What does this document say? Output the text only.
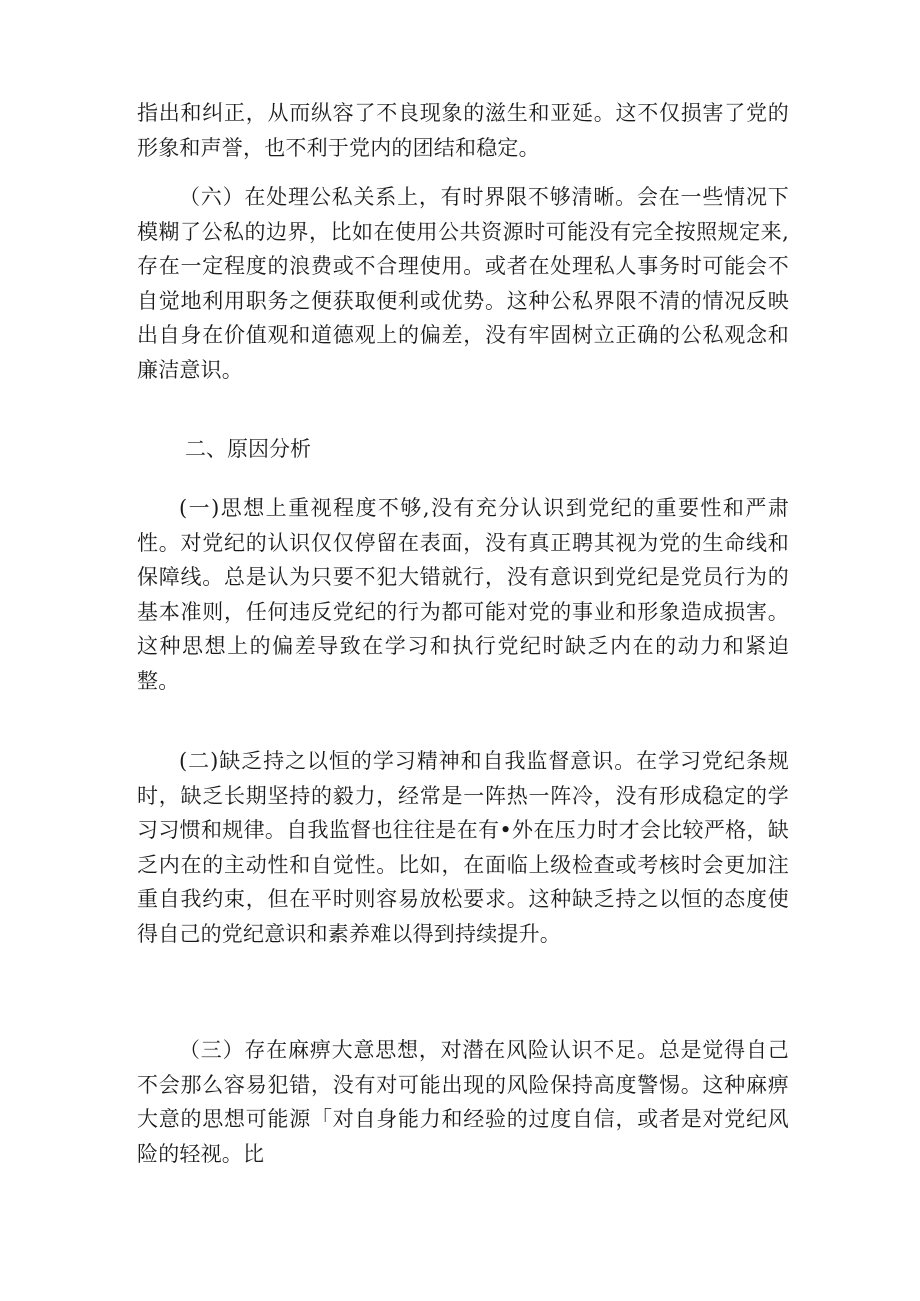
指出和纠正，从而纵容了不良现象的滋生和亚延。这不仅损害了党的形象和声誉，也不利于党内的团结和稳定。

（六）在处理公私关系上，有时界限不够清晰。会在一些情况下模糊了公私的边界，比如在使用公共资源时可能没有完全按照规定来,存在一定程度的浪费或不合理使用。或者在处理私人事务时可能会不自觉地利用职务之便获取便利或优势。这种公私界限不清的情况反映出自身在价值观和道德观上的偏差，没有牢固树立正确的公私观念和廉洁意识。

二、原因分析

(一)思想上重视程度不够,没有充分认识到党纪的重要性和严肃性。对党纪的认识仅仅停留在表面，没有真正聘其视为党的生命线和保障线。总是认为只要不犯大错就行，没有意识到党纪是党员行为的基本准则，任何违反党纪的行为都可能对党的事业和形象造成损害。这种思想上的偏差导致在学习和执行党纪时缺乏内在的动力和紧迫整。

(二)缺乏持之以恒的学习精神和自我监督意识。在学习党纪条规时，缺乏长期坚持的毅力，经常是一阵热一阵冷，没有形成稳定的学习习惯和规律。自我监督也往往是在有•外在压力时才会比较严格，缺乏内在的主动性和自觉性。比如，在面临上级检查或考核时会更加注重自我约束，但在平时则容易放松要求。这种缺乏持之以恒的态度使得自己的党纪意识和素养难以得到持续提升。

（三）存在麻痹大意思想，对潜在风险认识不足。总是觉得自己不会那么容易犯错，没有对可能出现的风险保持高度警惕。这种麻痹大意的思想可能源「对自身能力和经验的过度自信，或者是对党纪风险的轻视。比
